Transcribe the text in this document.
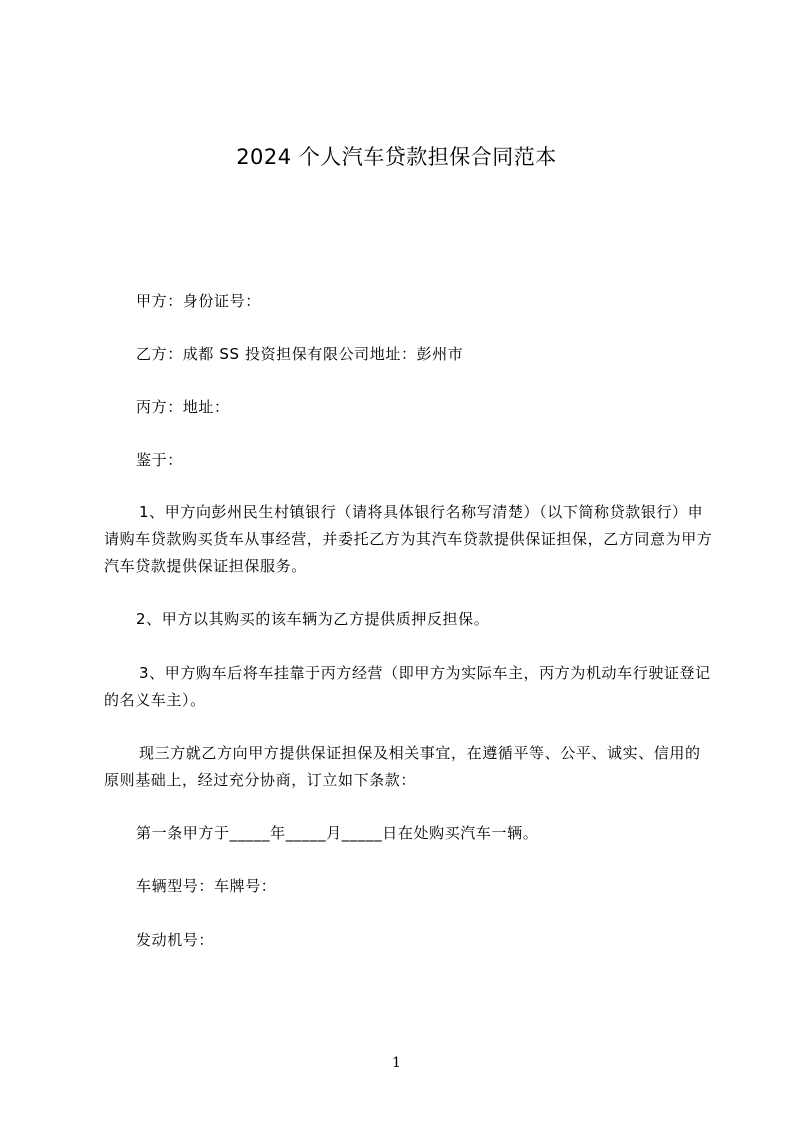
2024 个人汽车贷款担保合同范本

甲方：身份证号：

乙方：成都 SS 投资担保有限公司地址：彭州市

丙方：地址：

鉴于：

1、甲方向彭州民生村镇银行（请将具体银行名称写清楚）（以下简称贷款银行）申请购车贷款购买货车从事经营，并委托乙方为其汽车贷款提供保证担保，乙方同意为甲方汽车贷款提供保证担保服务。

2、甲方以其购买的该车辆为乙方提供质押反担保。

3、甲方购车后将车挂靠于丙方经营（即甲方为实际车主，丙方为机动车行驶证登记的名义车主）。

现三方就乙方向甲方提供保证担保及相关事宜，在遵循平等、公平、诚实、信用的原则基础上，经过充分协商，订立如下条款：

第一条甲方于_____年_____月_____日在处购买汽车一辆。

车辆型号：车牌号：

发动机号：

1
